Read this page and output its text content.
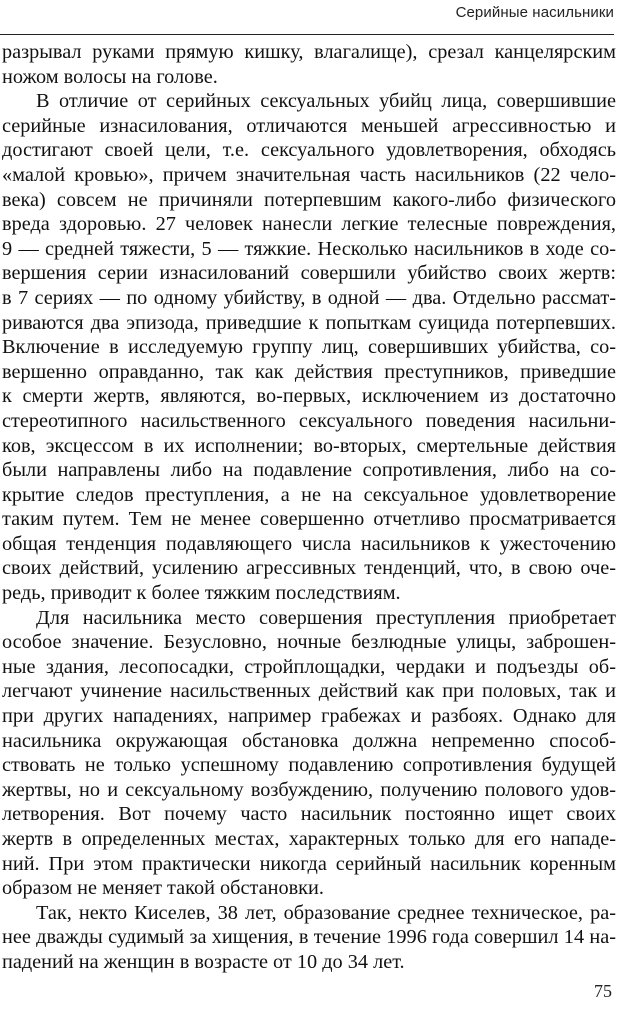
Серийные насильники
разрывал руками прямую кишку, влагалище), срезал канцелярским
ножом волосы на голове.
В отличие от серийных сексуальных убийц лица, совершившие
серийные изнасилования, отличаются меньшей агрессивностью и
достигают своей цели, т.е. сексуального удовлетворения, обходясь
«малой кровью», причем значительная часть насильников (22 чело-
века) совсем не причиняли потерпевшим какого-либо физического
вреда здоровью. 27 человек нанесли легкие телесные повреждения,
9 — средней тяжести, 5 — тяжкие. Несколько насильников в ходе со-
вершения серии изнасилований совершили убийство своих жертв:
в 7 сериях — по одному убийству, в одной — два. Отдельно рассмат-
риваются два эпизода, приведшие к попыткам суицида потерпевших.
Включение в исследуемую группу лиц, совершивших убийства, со-
вершенно оправданно, так как действия преступников, приведшие
к смерти жертв, являются, во-первых, исключением из достаточно
стереотипного насильственного сексуального поведения насильни-
ков, эксцессом в их исполнении; во-вторых, смертельные действия
были направлены либо на подавление сопротивления, либо на со-
крытие следов преступления, а не на сексуальное удовлетворение
таким путем. Тем не менее совершенно отчетливо просматривается
общая тенденция подавляющего числа насильников к ужесточению
своих действий, усилению агрессивных тенденций, что, в свою оче-
редь, приводит к более тяжким последствиям.
Для насильника место совершения преступления приобретает
особое значение. Безусловно, ночные безлюдные улицы, заброшен-
ные здания, лесопосадки, стройплощадки, чердаки и подъезды об-
легчают учинение насильственных действий как при половых, так и
при других нападениях, например грабежах и разбоях. Однако для
насильника окружающая обстановка должна непременно способ-
ствовать не только успешному подавлению сопротивления будущей
жертвы, но и сексуальному возбуждению, получению полового удов-
летворения. Вот почему часто насильник постоянно ищет своих
жертв в определенных местах, характерных только для его нападе-
ний. При этом практически никогда серийный насильник коренным
образом не меняет такой обстановки.
Так, некто Киселев, 38 лет, образование среднее техническое, ра-
нее дважды судимый за хищения, в течение 1996 года совершил 14 на-
падений на женщин в возрасте от 10 до 34 лет.
75
